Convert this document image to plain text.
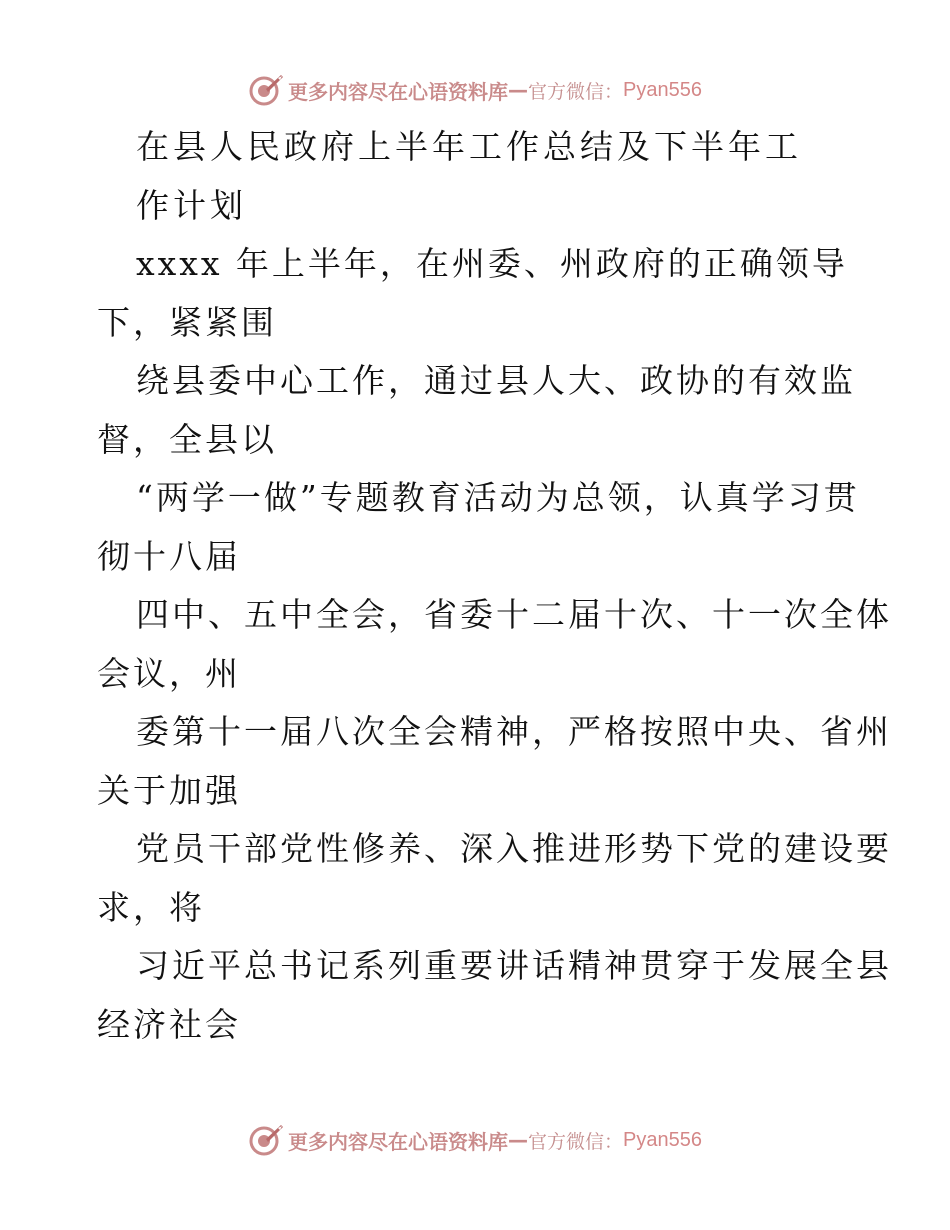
更多内容尽在心语资料库 — 官方微信： Pyan556
在县人民政府上半年工作总结及下半年工
作计划
xxxx 年上半年，在州委、州政府的正确领导
下，紧紧围
绕县委中心工作，通过县人大、政协的有效监
督，全县以
“两学一做”专题教育活动为总领，认真学习贯
彻十八届
四中、五中全会，省委十二届十次、十一次全体
会议，州
委第十一届八次全会精神，严格按照中央、省州
关于加强
党员干部党性修养、深入推进形势下党的建设要
求，将
习近平总书记系列重要讲话精神贯穿于发展全县
经济社会
更多内容尽在心语资料库 — 官方微信： Pyan556
